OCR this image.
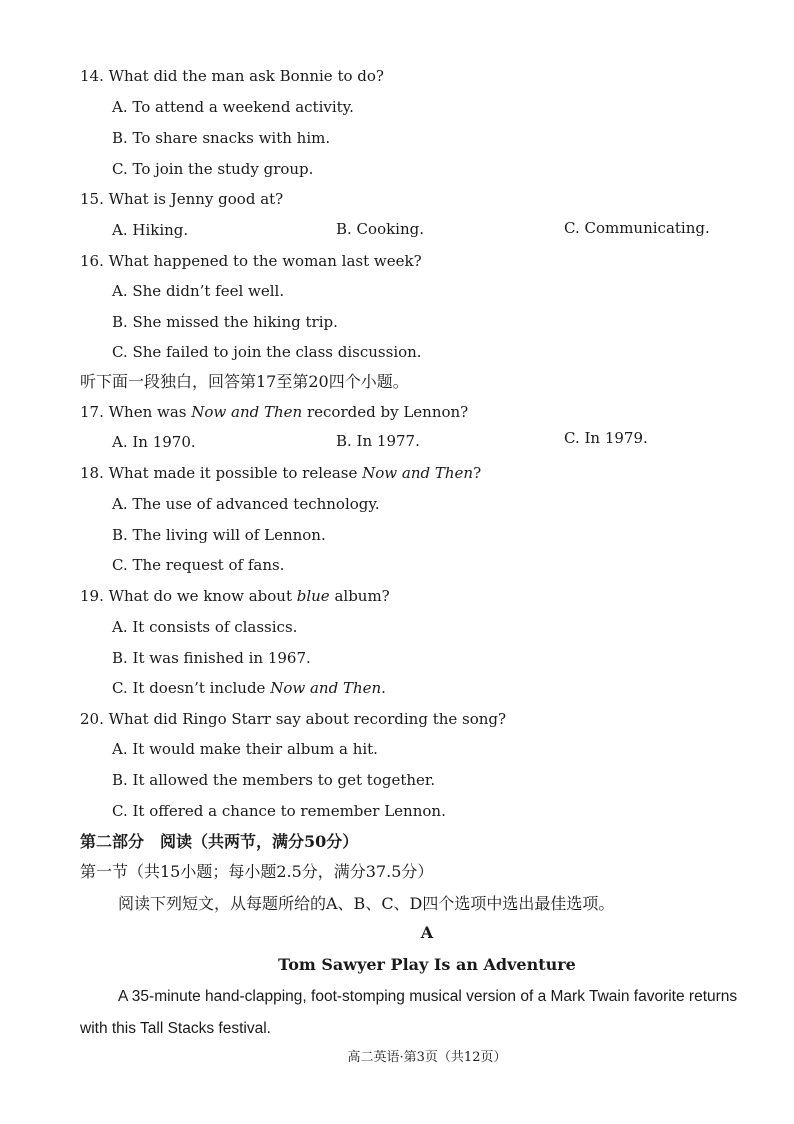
14. What did the man ask Bonnie to do?
A. To attend a weekend activity.
B. To share snacks with him.
C. To join the study group.
15. What is Jenny good at?
A. Hiking.	B. Cooking.	C. Communicating.
16. What happened to the woman last week?
A. She didn’t feel well.
B. She missed the hiking trip.
C. She failed to join the class discussion.
听下面一段独白，回答第17至第20四个小题。
17. When was Now and Then recorded by Lennon?
A. In 1970.	B. In 1977.	C. In 1979.
18. What made it possible to release Now and Then?
A. The use of advanced technology.
B. The living will of Lennon.
C. The request of fans.
19. What do we know about blue album?
A. It consists of classics.
B. It was finished in 1967.
C. It doesn’t include Now and Then.
20. What did Ringo Starr say about recording the song?
A. It would make their album a hit.
B. It allowed the members to get together.
C. It offered a chance to remember Lennon.
第二部分　阅读（共两节，满分50分）
第一节（共15小题；每小题2.5分，满分37.5分）
阅读下列短文，从每题所给的A、B、C、D四个选项中选出最佳选项。
A
Tom Sawyer Play Is an Adventure
A 35-minute hand-clapping, foot-stomping musical version of a Mark Twain favorite returns
with this Tall Stacks festival.
高二英语·第3页（共12页）
